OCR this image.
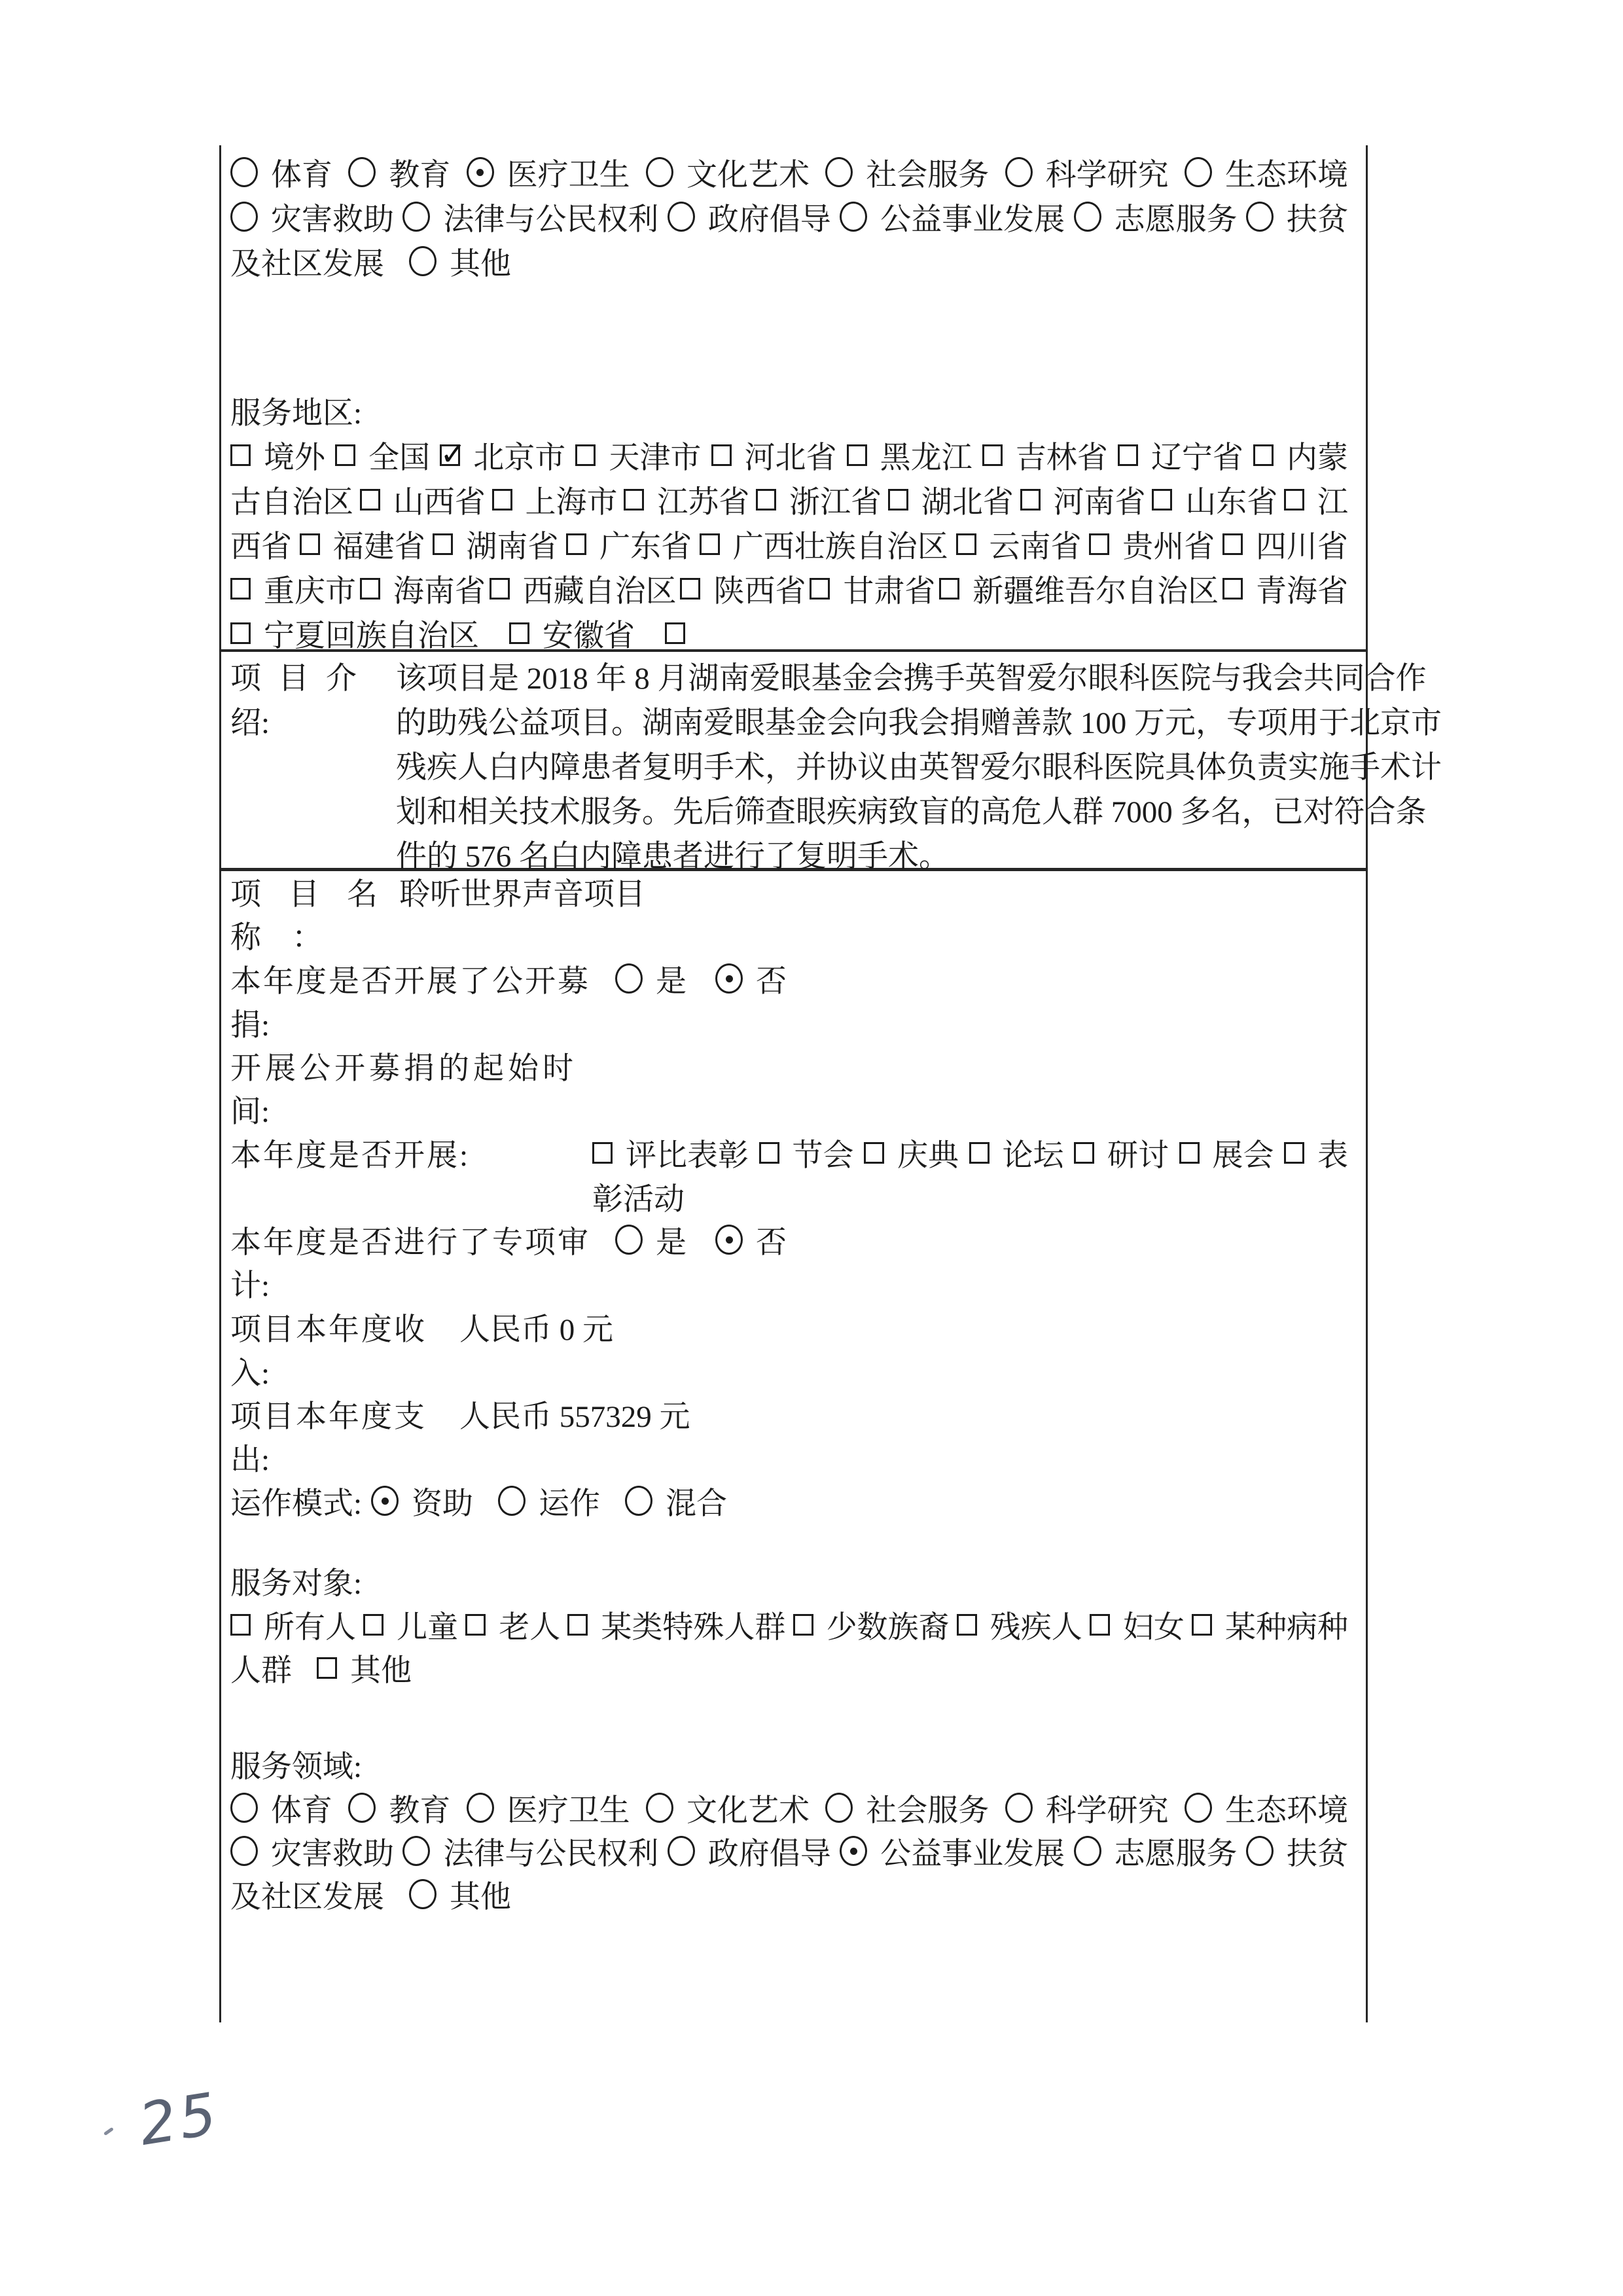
体育 教育 医疗卫生 文化艺术 社会服务 科学研究 生态环境
灾害救助 法律与公民权利 政府倡导 公益事业发展 志愿服务 扶贫
及社区发展 其他
服务地区:
境外 全国 ✓ 北京市 天津市 河北省 黑龙江 吉林省 辽宁省 内蒙
古自治区 山西省 上海市 江苏省 浙江省 湖北省 河南省 山东省 江
西省 福建省 湖南省 广东省 广西壮族自治区 云南省 贵州省 四川省
重庆市 海南省 西藏自治区 陕西省 甘肃省 新疆维吾尔自治区 青海省
宁夏回族自治区 安徽省
项目介
绍:
该项目是 2018 年 8 月湖南爱眼基金会携手英智爱尔眼科医院与我会共同合作
的助残公益项目。湖南爱眼基金会向我会捐赠善款 100 万元，专项用于北京市
残疾人白内障患者复明手术，并协议由英智爱尔眼科医院具体负责实施手术计
划和相关技术服务。先后筛查眼疾病致盲的高危人群 7000 多名，已对符合条
件的 576 名白内障患者进行了复明手术。
项目名
聆听世界声音项目
称　：
本年度是否开展了公开募 是 否
捐:
开展公开募捐的起始时
间:
本年度是否开展:	评比表彰 节会 庆典 论坛 研讨 展会 表
彰活动
本年度是否进行了专项审 是 否
计:
项目本年度收 人民币 0 元
入:
项目本年度支 人民币 557329 元
出:
运作模式: 资助 运作 混合
服务对象:
所有人 儿童 老人 某类特殊人群 少数族裔 残疾人 妇女 某种病种
人群 其他
服务领域:
体育 教育 医疗卫生 文化艺术 社会服务 科学研究 生态环境
灾害救助 法律与公民权利 政府倡导 公益事业发展 志愿服务 扶贫
及社区发展 其他
25
